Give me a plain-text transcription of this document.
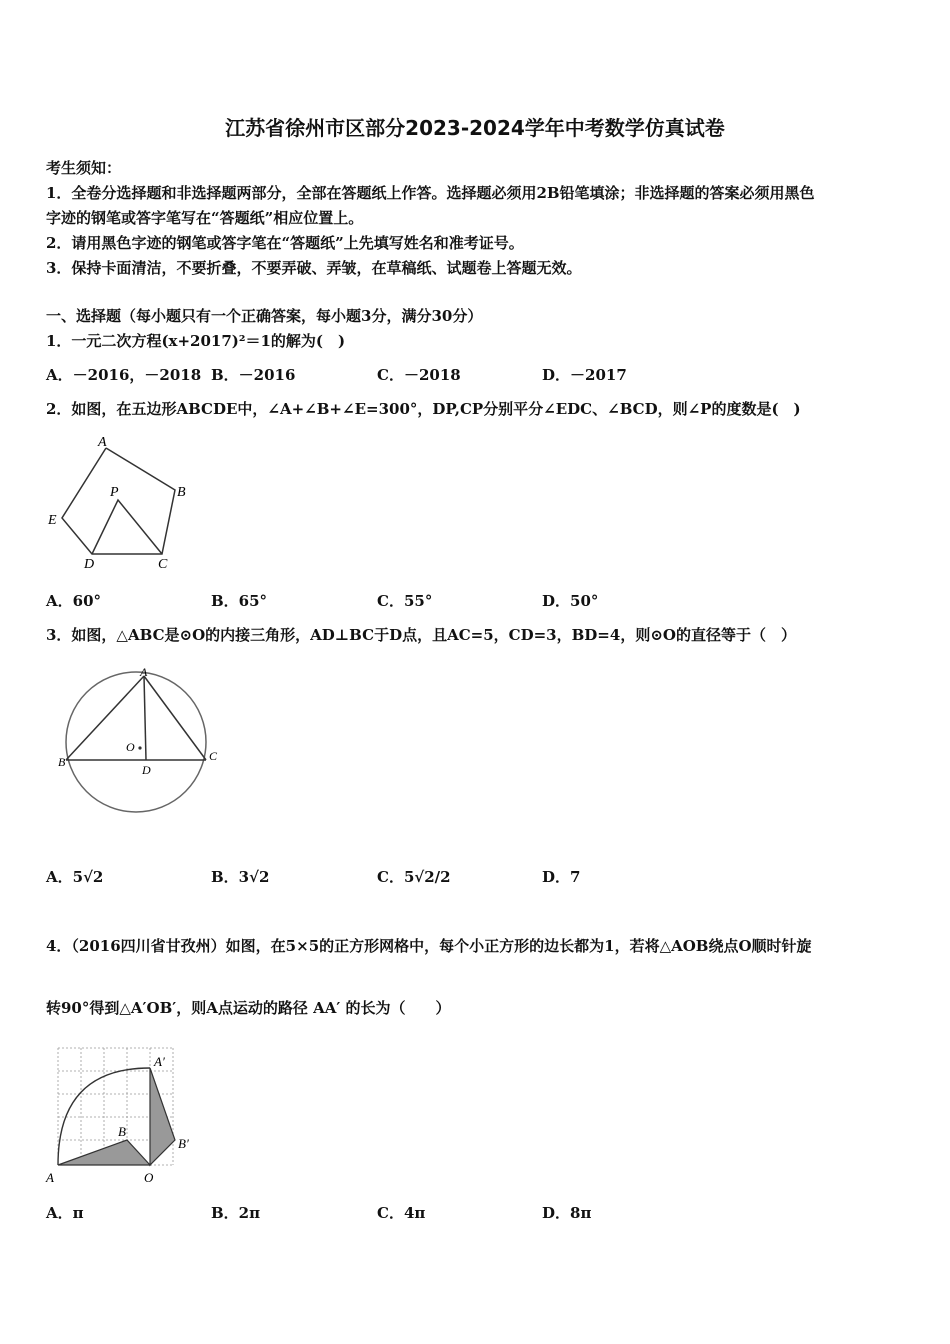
江苏省徐州市区部分2023-2024学年中考数学仿真试卷
考生须知：
1．全卷分选择题和非选择题两部分，全部在答题纸上作答。选择题必须用2B铅笔填涂；非选择题的答案必须用黑色
字迹的钢笔或答字笔写在“答题纸”相应位置上。
2．请用黑色字迹的钢笔或答字笔在“答题纸”上先填写姓名和准考证号。
3．保持卡面清洁，不要折叠，不要弄破、弄皱，在草稿纸、试题卷上答题无效。
一、选择题（每小题只有一个正确答案，每小题3分，满分30分）
1．一元二次方程(x+2017)²＝1的解为(　)
A．－2016，－2018 B．－2016	C．－2018	D．－2017
2．如图，在五边形ABCDE中，∠A+∠B+∠E=300°，DP,CP分别平分∠EDC、∠BCD，则∠P的度数是(　)
A
B
C
D
E
P
A．60°	B．65°	C．55°	D．50°
3．如图，△ABC是⊙O的内接三角形，AD⊥BC于D点，且AC=5，CD=3，BD=4，则⊙O的直径等于（　）
A
B	C
D
O
A．5√2	B．3√2	C．5√2/2	D．7
4．（2016四川省甘孜州）如图，在5×5的正方形网格中，每个小正方形的边长都为1，若将△AOB绕点O顺时针旋
转90°得到△A′OB′，则A点运动的路径 AA′ 的长为（　　）
A	O
B
A′
B′
A．π	B．2π	C．4π	D．8π
